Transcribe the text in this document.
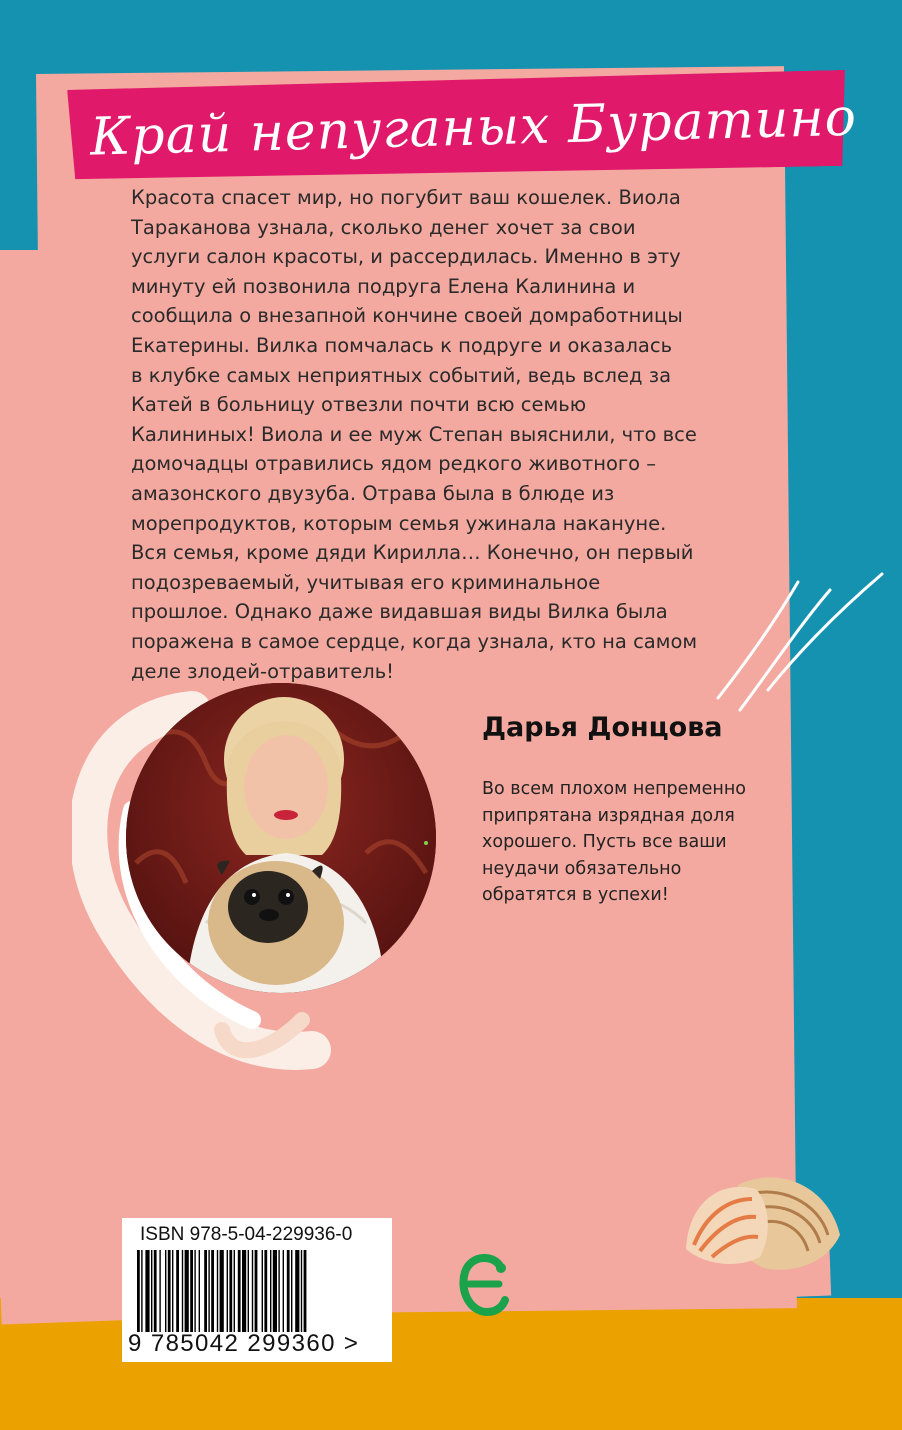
Край непуганых Буратино

Красота спасет мир, но погубит ваш кошелек. Виола
Тараканова узнала, сколько денег хочет за свои
услуги салон красоты, и рассердилась. Именно в эту
минуту ей позвонила подруга Елена Калинина и
сообщила о внезапной кончине своей домработницы
Екатерины. Вилка помчалась к подруге и оказалась
в клубке самых неприятных событий, ведь вслед за
Катей в больницу отвезли почти всю семью
Калининых! Виола и ее муж Степан выяснили, что все
домочадцы отравились ядом редкого животного –
амазонского двузуба. Отрава была в блюде из
морепродуктов, которым семья ужинала накануне.
Вся семья, кроме дяди Кирилла… Конечно, он первый
подозреваемый, учитывая его криминальное
прошлое. Однако даже видавшая виды Вилка была
поражена в самое сердце, когда узнала, кто на самом
деле злодей-отравитель!

Дарья Донцова

Во всем плохом непременно
припрятана изрядная доля
хорошего. Пусть все ваши
неудачи обязательно
обратятся в успехи!

ISBN 978-5-04-229936-0

9 785042 299360 >
